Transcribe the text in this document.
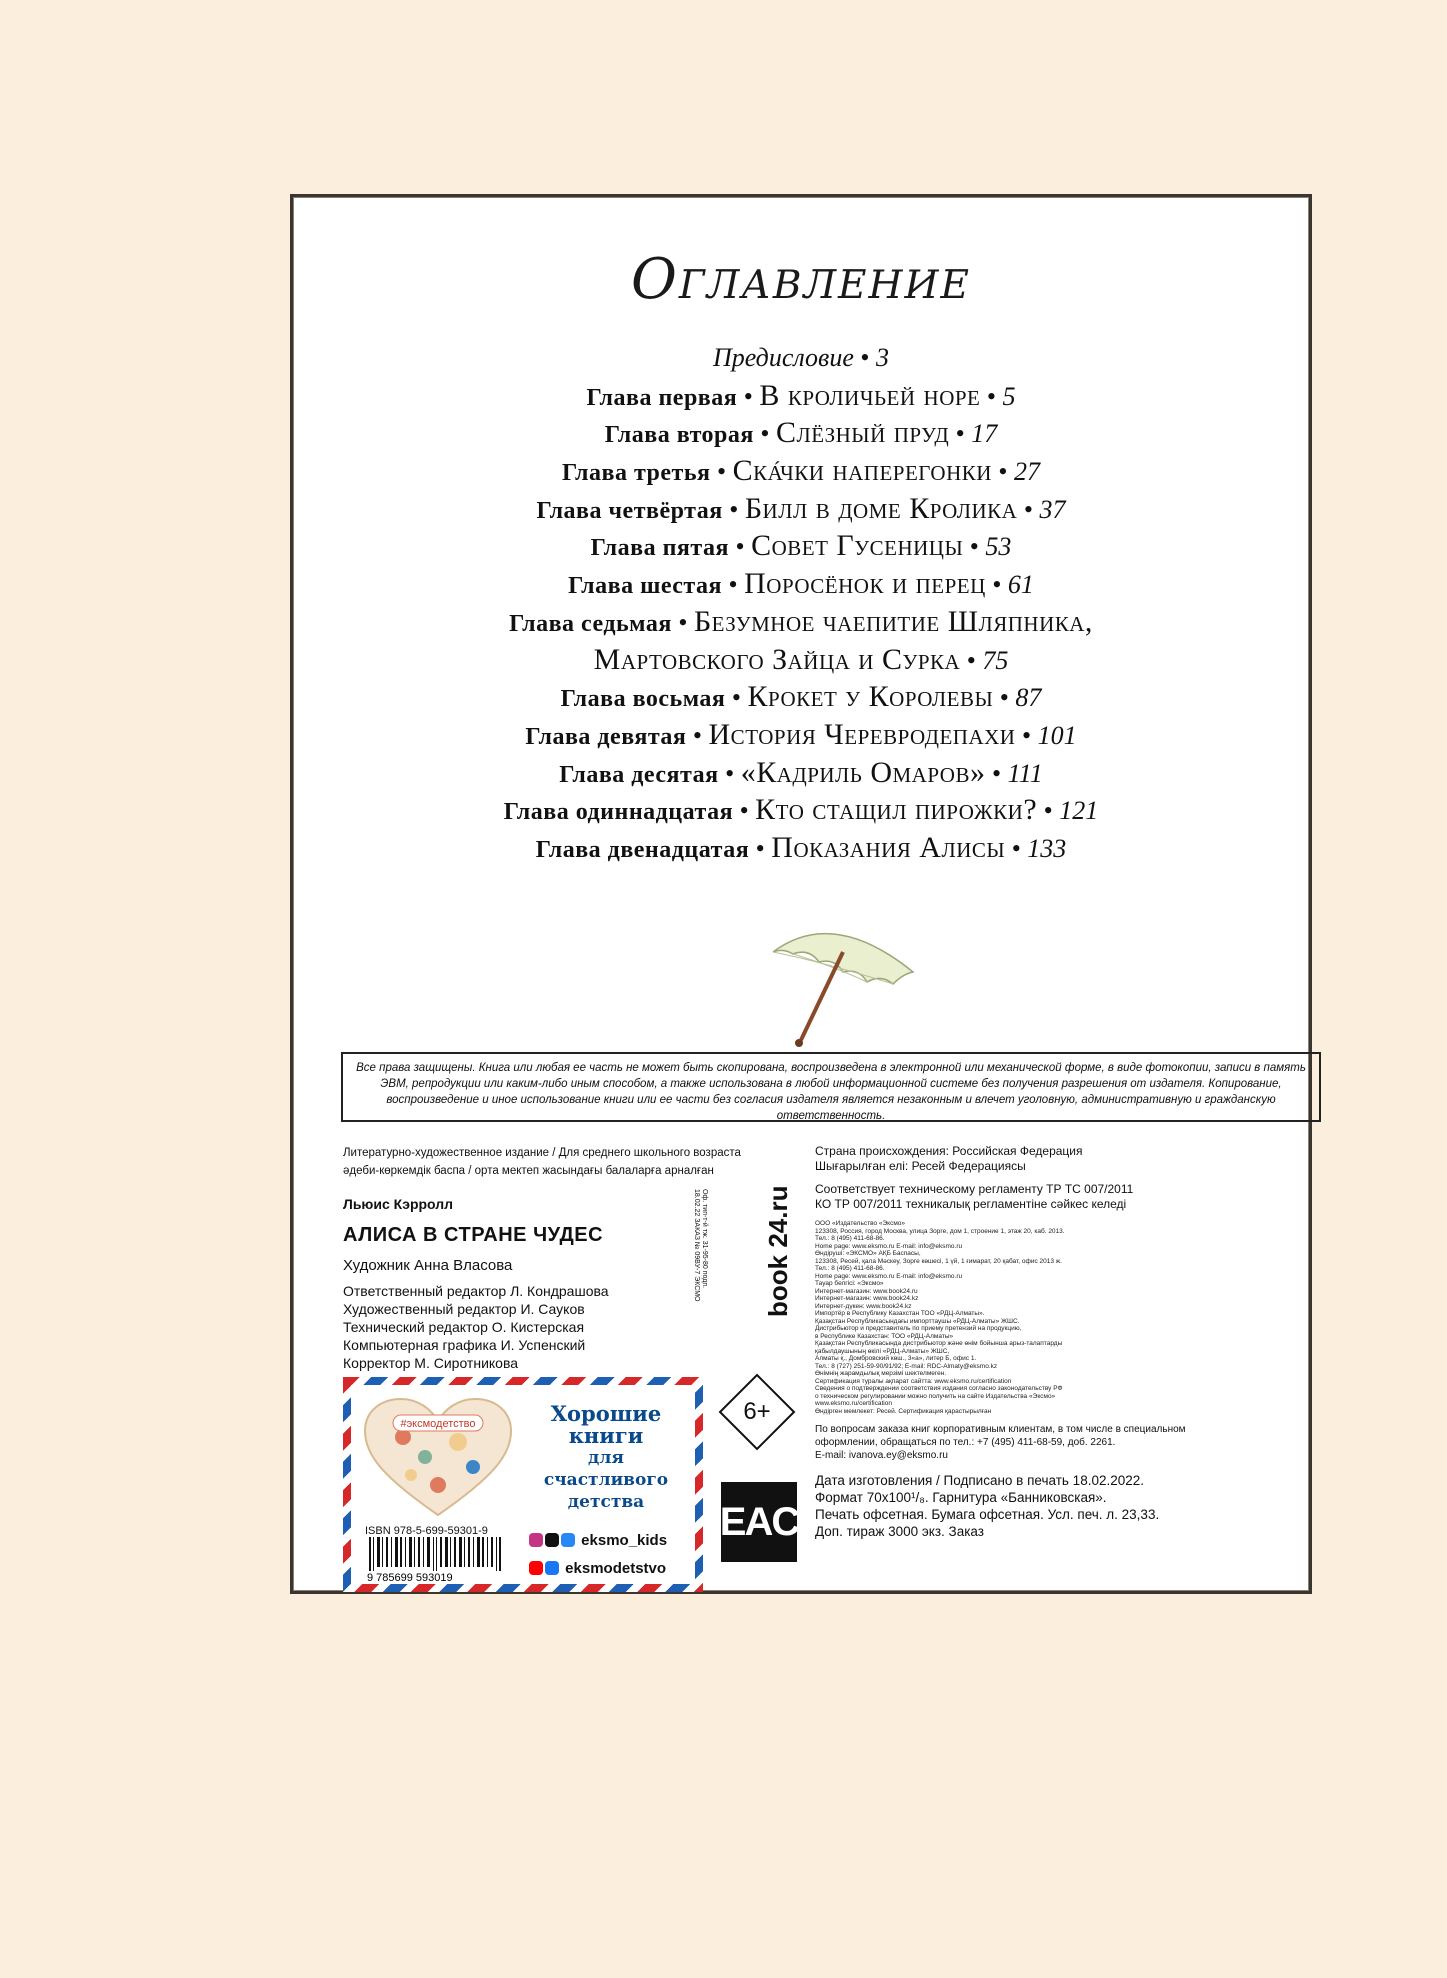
Оглавление
Предисловие • 3
Глава первая • В кроличьей норе • 5
Глава вторая • Слёзный пруд • 17
Глава третья • Ска́чки наперегонки • 27
Глава четвёртая • Билл в доме Кролика • 37
Глава пятая • Совет Гусеницы • 53
Глава шестая • Поросёнок и перец • 61
Глава седьмая • Безумное чаепитие Шляпника,
Мартовского Зайца и Сурка • 75
Глава восьмая • Крокет у Королевы • 87
Глава девятая • История Черевродепахи • 101
Глава десятая • «Кадриль Омаров» • 111
Глава одиннадцатая • Кто стащил пирожки? • 121
Глава двенадцатая • Показания Алисы • 133
Все права защищены. Книга или любая ее часть не может быть скопирована, воспроизведена в электронной или механической форме, в виде фотокопии, записи в память ЭВМ, репродукции или каким-либо иным способом, а также использована в любой информационной системе без получения разрешения от издателя. Копирование, воспроизведение и иное использование книги или ее части без согласия издателя является незаконным и влечет уголовную, административную и гражданскую ответственность.
Литературно-художественное издание / Для среднего школьного возраста
әдеби-көркемдік баспа / орта мектеп жасындағы балаларға арналған
Льюис Кэрролл
АЛИСА В СТРАНЕ ЧУДЕС
Художник Анна Власова
Ответственный редактор Л. Кондрашова
Художественный редактор И. Сауков
Технический редактор О. Кистерская
Компьютерная графика И. Успенский
Корректор М. Сиротникова
Оф. тип-т-й тж. 31-95-80 подп. 18.02.22 ЗАКАЗ № 09ВУ-7 ЭКСМО	book 24.ru
6+
EAC
#эксмодетство	Хорошие
книги
для счастливого
детства
ISBN 978-5-699-59301-9
9 785699 593019
eksmo_kids
eksmodetstvo
Страна происхождения: Российская Федерация
Шығарылған елі: Ресей Федерациясы
Соответствует техническому регламенту ТР ТС 007/2011
КО ТР 007/2011 техникалық регламентіне сәйкес келеді
ООО «Издательство «Эксмо»
123308, Россия, город Москва, улица Зорге, дом 1, строение 1, этаж 20, каб. 2013.
Тел.: 8 (495) 411-68-86.
Home page: www.eksmo.ru E-mail: info@eksmo.ru
Өндіруші: «ЭКСМО» АҚБ Баспасы,
123308, Ресей, қала Мәскеу, Зорге көшесі, 1 үй, 1 ғимарат, 20 қабат, офис 2013 ж.
Тел.: 8 (495) 411-68-86.
Home page: www.eksmo.ru E-mail: info@eksmo.ru
Тауар белгісі: «Эксмо»
Интернет-магазин: www.book24.ru
Интернет-магазин: www.book24.kz
Интернет-дүкен: www.book24.kz
Импортёр в Республику Казахстан ТОО «РДЦ-Алматы».
Қазақстан Республикасындағы импорттаушы «РДЦ-Алматы» ЖШС.
Дистрибьютор и представитель по приему претензий на продукцию,
в Республике Казахстан: ТОО «РДЦ-Алматы»
Қазақстан Республикасында дистрибьютор және өнім бойынша арыз-талаптарды
қабылдаушының өкілі «РДЦ-Алматы» ЖШС,
Алматы қ., Домбровский көш., 3«а», литер Б, офис 1.
Тел.: 8 (727) 251-59-90/91/92; E-mail: RDC-Almaty@eksmo.kz
Өнімнің жарамдылық мерзімі шектелмеген.
Сертификация туралы ақпарат сайтта: www.eksmo.ru/certification
Сведения о подтверждении соответствия издания согласно законодательству РФ
о техническом регулировании можно получить на сайте Издательства «Эксмо»
www.eksmo.ru/certification
Өндірген мемлекет: Ресей. Сертификация қарастырылған
По вопросам заказа книг корпоративным клиентам, в том числе в специальном
оформлении, обращаться по тел.: +7 (495) 411-68-59, доб. 2261.
E-mail: ivanova.ey@eksmo.ru
Дата изготовления / Подписано в печать 18.02.2022.
Формат 70x100¹/₈. Гарнитура «Банниковская».
Печать офсетная. Бумага офсетная. Усл. печ. л. 23,33.
Доп. тираж 3000 экз. Заказ
